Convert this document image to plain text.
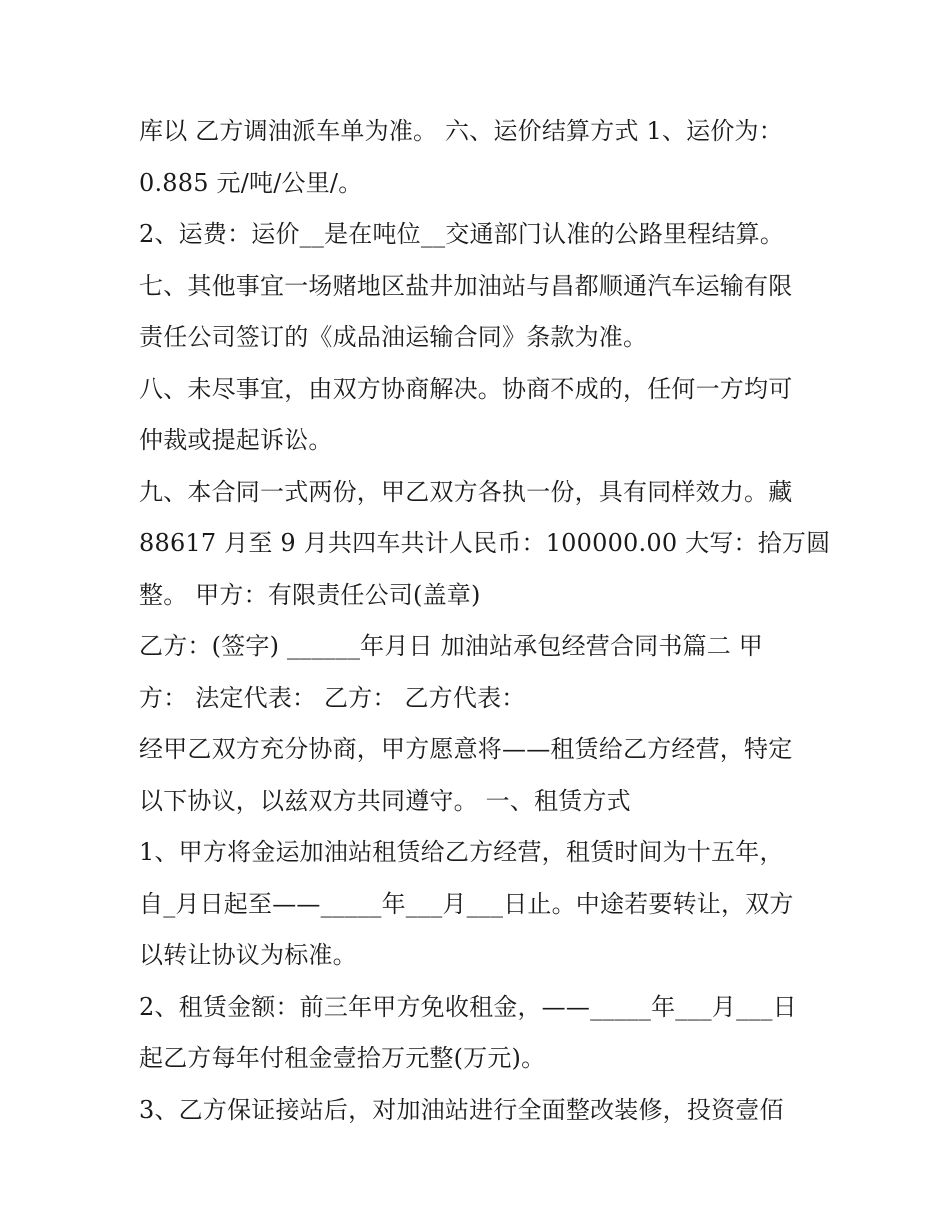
库以 乙方调油派车单为准。 六、运价结算方式 1、运价为：
0.885 元/吨/公里/。
2、运费：运价__是在吨位__交通部门认准的公路里程结算。
七、其他事宜一场赌地区盐井加油站与昌都顺通汽车运输有限
责任公司签订的《成品油运输合同》条款为准。
八、未尽事宜，由双方协商解决。协商不成的，任何一方均可
仲裁或提起诉讼。
九、本合同一式两份，甲乙双方各执一份，具有同样效力。藏
88617 月至 9 月共四车共计人民币：100000.00 大写：拾万圆
整。 甲方：有限责任公司(盖章)
乙方：(签字) ______年月日 加油站承包经营合同书篇二 甲
方： 法定代表： 乙方： 乙方代表：
经甲乙双方充分协商，甲方愿意将——租赁给乙方经营，特定
以下协议，以兹双方共同遵守。 一、租赁方式
1、甲方将金运加油站租赁给乙方经营，租赁时间为十五年，
自_月日起至——_____年___月___日止。中途若要转让，双方
以转让协议为标准。
2、租赁金额：前三年甲方免收租金，——_____年___月___日
起乙方每年付租金壹拾万元整(万元)。
3、乙方保证接站后，对加油站进行全面整改装修，投资壹佰
